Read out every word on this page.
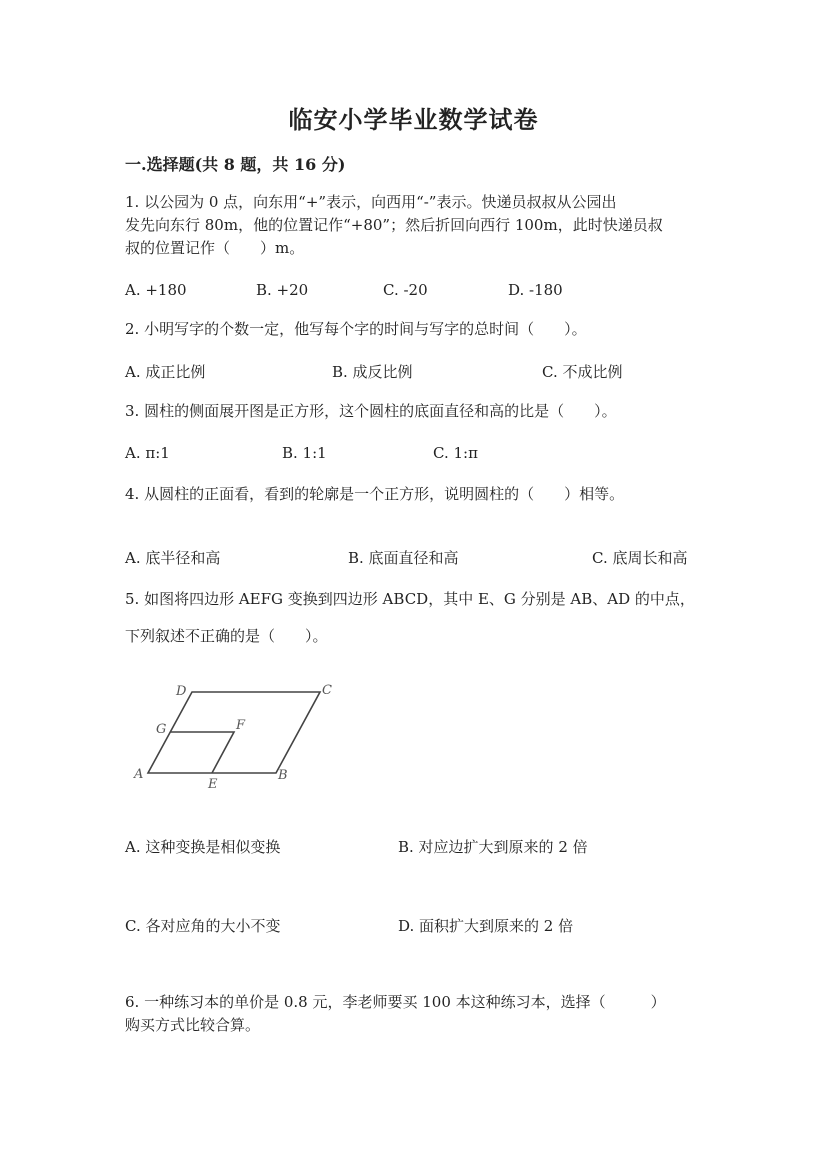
临安小学毕业数学试卷
一.选择题(共 8 题，共 16 分)
1. 以公园为 0 点，向东用“+”表示，向西用“-”表示。快递员叔叔从公园出
发先向东行 80m，他的位置记作“+80”；然后折回向西行 100m，此时快递员叔
叔的位置记作（　　）m。
A. +180	B. +20	C. -20	D. -180
2. 小明写字的个数一定，他写每个字的时间与写字的总时间（　　）。
A. 成正比例	B. 成反比例	C. 不成比例
3. 圆柱的侧面展开图是正方形，这个圆柱的底面直径和高的比是（　　）。
A. π:1	B. 1:1	C. 1:π
4. 从圆柱的正面看，看到的轮廓是一个正方形，说明圆柱的（　　）相等。
A. 底半径和高	B. 底面直径和高	C. 底周长和高
5. 如图将四边形 AEFG 变换到四边形 ABCD，其中 E、G 分别是 AB、AD 的中点，
下列叙述不正确的是（　　）。
D	C
G	F
A
E
B
A. 这种变换是相似变换	B. 对应边扩大到原来的 2 倍
C. 各对应角的大小不变	D. 面积扩大到原来的 2 倍
6. 一种练习本的单价是 0.8 元，李老师要买 100 本这种练习本，选择（　　　）
购买方式比较合算。
